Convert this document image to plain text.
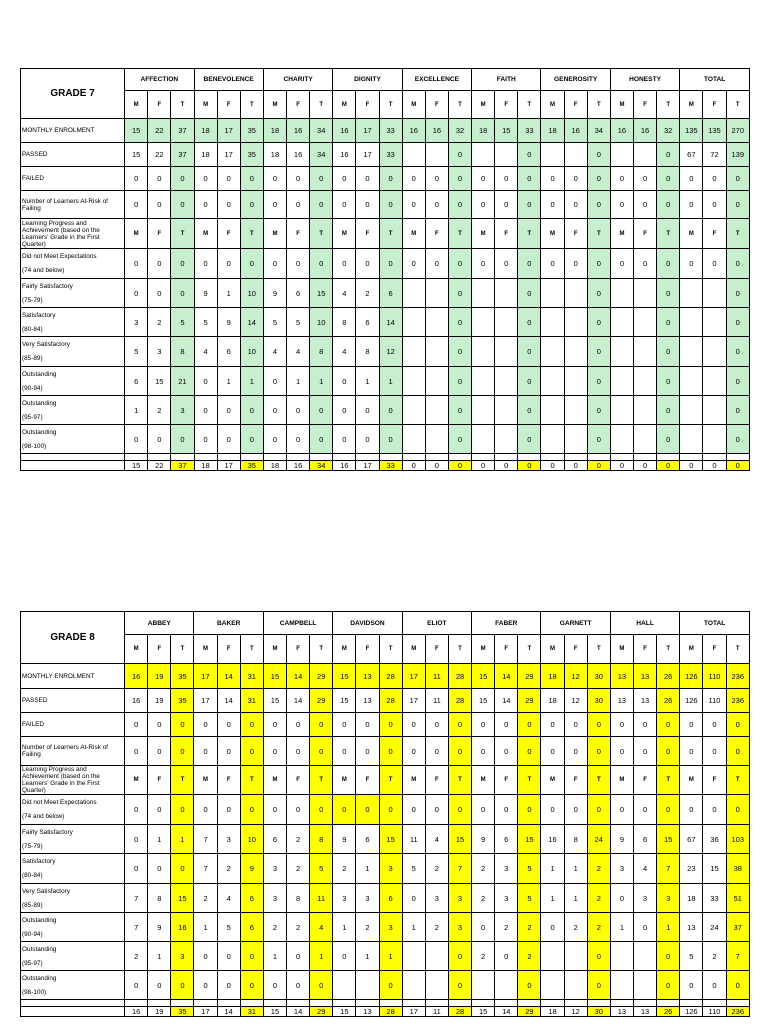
GRADE 7	AFFECTION			BENEVOLENCE			CHARITY			DIGNITY			EXCELLENCE			FAITH			GENEROSITY			HONESTY			TOTAL		
	M	F	T	M	F	T	M	F	T	M	F	T	M	F	T	M	F	T	M	F	T	M	F	T	M	F	T
MONTHLY ENROLMENT	15	22	37	18	17	35	18	16	34	16	17	33	16	16	32	18	15	33	18	16	34	16	16	32	135	135	270
PASSED	15	22	37	18	17	35	18	16	34	16	17	33			0			0			0			0	67	72	139
FAILED	0	0	0	0	0	0	0	0	0	0	0	0	0	0	0	0	0	0	0	0	0	0	0	0	0	0	0
Number of Learners At-Risk of Failing	0	0	0	0	0	0	0	0	0	0	0	0	0	0	0	0	0	0	0	0	0	0	0	0	0	0	0
Learning Progress and Achievement (based on the Learners' Grade in the First Quarter)	M	F	T	M	F	T	M	F	T	M	F	T	M	F	T	M	F	T	M	F	T	M	F	T	M	F	T

Did not Meet Expectations
(74 and below)	0	0	0	0	0	0	0	0	0	0	0	0	0	0	0	0	0	0	0	0	0	0	0	0	0	0	0

Fairly Satisfactory
(75-79)	0	0	0	9	1	10	9	6	15	4	2	6			0			0			0			0			0

Satisfactory
(80-84)	3	2	5	5	9	14	5	5	10	8	6	14			0			0			0			0			0

Very Satisfactory
(85-89)	5	3	8	4	6	10	4	4	8	4	8	12			0			0			0			0			0

Outstanding
(90-94)	6	15	21	0	1	1	0	1	1	0	1	1			0			0			0			0			0

Outstanding
(95-97)	1	2	3	0	0	0	0	0	0	0	0	0			0			0			0			0			0

Outstanding
(98-100)	0	0	0	0	0	0	0	0	0	0	0	0			0			0			0			0			0

	15	22	37	18	17	35	18	16	34	16	17	33	0	0	0	0	0	0	0	0	0	0	0	0	0	0	0
GRADE 8	ABBEY			BAKER			CAMPBELL			DAVIDSON			ELIOT			FABER			GARNETT			HALL			TOTAL		
	M	F	T	M	F	T	M	F	T	M	F	T	M	F	T	M	F	T	M	F	T	M	F	T	M	F	T
MONTHLY ENROLMENT	16	19	35	17	14	31	15	14	29	15	13	28	17	11	28	15	14	29	18	12	30	13	13	26	126	110	236
PASSED	16	19	35	17	14	31	15	14	29	15	13	28	17	11	28	15	14	29	18	12	30	13	13	26	126	110	236
FAILED	0	0	0	0	0	0	0	0	0	0	0	0	0	0	0	0	0	0	0	0	0	0	0	0	0	0	0
Number of Learners At-Risk of Failing	0	0	0	0	0	0	0	0	0	0	0	0	0	0	0	0	0	0	0	0	0	0	0	0	0	0	0
Learning Progress and Achievement (based on the Learners' Grade in the First Quarter)	M	F	T	M	F	T	M	F	T	M	F	T	M	F	T	M	F	T	M	F	T	M	F	T	M	F	T

Did not Meet Expectations
(74 and below)	0	0	0	0	0	0	0	0	0	0	0	0	0	0	0	0	0	0	0	0	0	0	0	0	0	0	0

Fairly Satisfactory
(75-79)	0	1	1	7	3	10	6	2	8	9	6	15	11	4	15	9	6	15	16	8	24	9	6	15	67	36	103

Satisfactory
(80-84)	0	0	0	7	2	9	3	2	5	2	1	3	5	2	7	2	3	5	1	1	2	3	4	7	23	15	38

Very Satisfactory
(85-89)	7	8	15	2	4	6	3	8	11	3	3	6	0	3	3	2	3	5	1	1	2	0	3	3	18	33	51

Outstanding
(90-94)	7	9	16	1	5	6	2	2	4	1	2	3	1	2	3	0	2	2	0	2	2	1	0	1	13	24	37

Outstanding
(95-97)	2	1	3	0	0	0	1	0	1	0	1	1			0	2	0	2			0			0	5	2	7

Outstanding
(98-100)	0	0	0	0	0	0	0	0	0			0			0			0			0			0	0	0	0

	16	19	35	17	14	31	15	14	29	15	13	28	17	11	28	15	14	29	18	12	30	13	13	26	126	110	236
